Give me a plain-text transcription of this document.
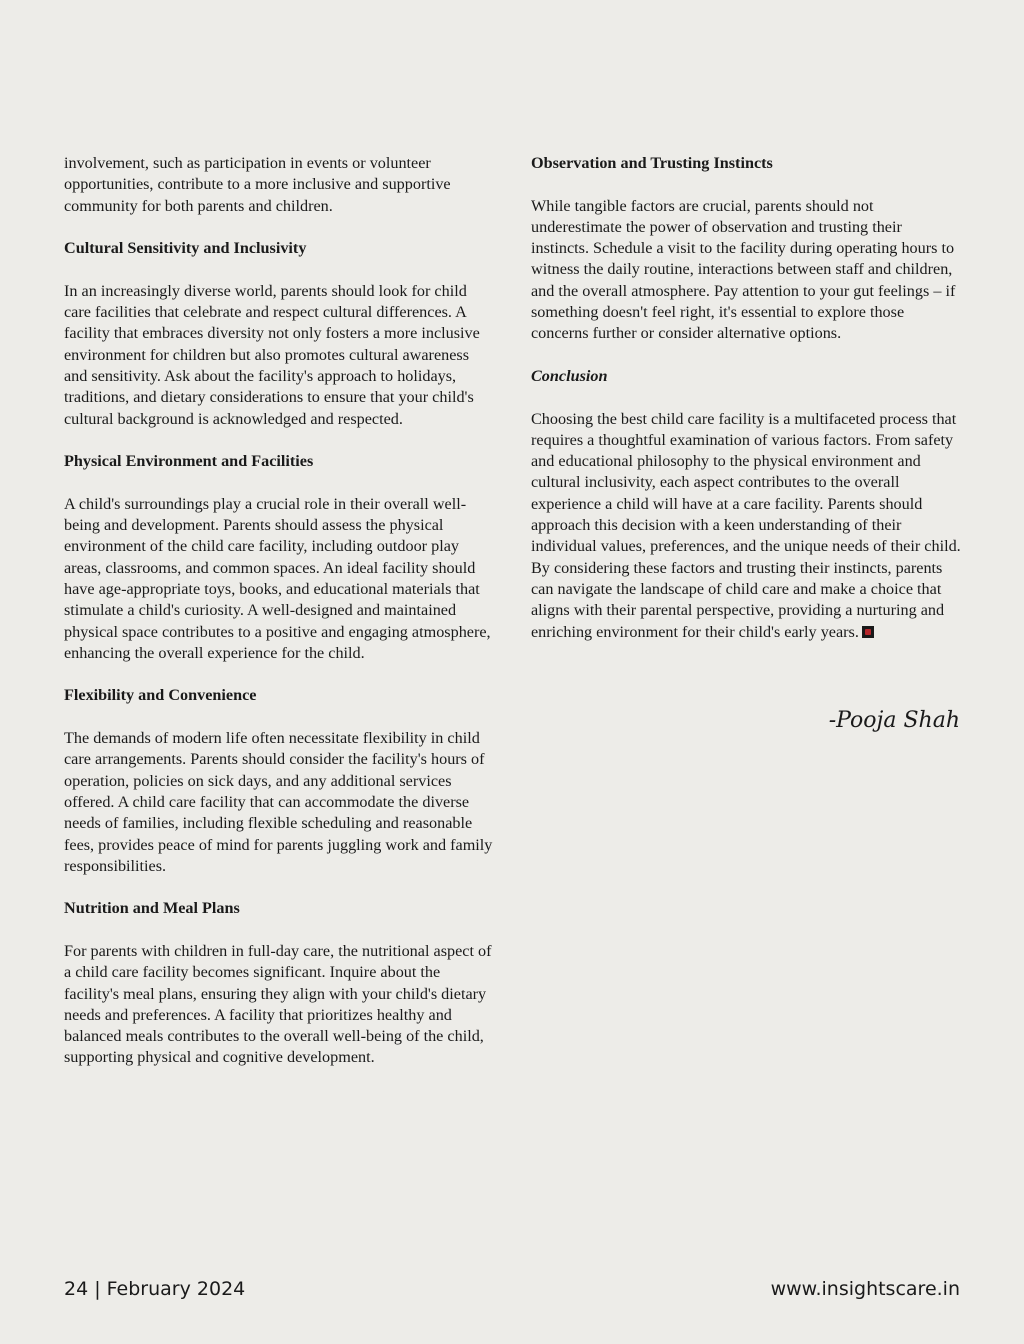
involvement, such as participation in events or volunteer opportunities, contribute to a more inclusive and supportive community for both parents and children.

Cultural Sensitivity and Inclusivity

In an increasingly diverse world, parents should look for child care facilities that celebrate and respect cultural differences. A facility that embraces diversity not only fosters a more inclusive environment for children but also promotes cultural awareness and sensitivity. Ask about the facility's approach to holidays, traditions, and dietary considerations to ensure that your child's cultural background is acknowledged and respected.

Physical Environment and Facilities

A child's surroundings play a crucial role in their overall well-being and development. Parents should assess the physical environment of the child care facility, including outdoor play areas, classrooms, and common spaces. An ideal facility should have age-appropriate toys, books, and educational materials that stimulate a child's curiosity. A well-designed and maintained physical space contributes to a positive and engaging atmosphere, enhancing the overall experience for the child.

Flexibility and Convenience

The demands of modern life often necessitate flexibility in child care arrangements. Parents should consider the facility's hours of operation, policies on sick days, and any additional services offered. A child care facility that can accommodate the diverse needs of families, including flexible scheduling and reasonable fees, provides peace of mind for parents juggling work and family responsibilities.

Nutrition and Meal Plans

For parents with children in full-day care, the nutritional aspect of a child care facility becomes significant. Inquire about the facility's meal plans, ensuring they align with your child's dietary needs and preferences. A facility that prioritizes healthy and balanced meals contributes to the overall well-being of the child, supporting physical and cognitive development.

Observation and Trusting Instincts

While tangible factors are crucial, parents should not underestimate the power of observation and trusting their instincts. Schedule a visit to the facility during operating hours to witness the daily routine, interactions between staff and children, and the overall atmosphere. Pay attention to your gut feelings – if something doesn't feel right, it's essential to explore those concerns further or consider alternative options.

Conclusion

Choosing the best child care facility is a multifaceted process that requires a thoughtful examination of various factors. From safety and educational philosophy to the physical environment and cultural inclusivity, each aspect contributes to the overall experience a child will have at a care facility. Parents should approach this decision with a keen understanding of their individual values, preferences, and the unique needs of their child. By considering these factors and trusting their instincts, parents can navigate the landscape of child care and make a choice that aligns with their parental perspective, providing a nurturing and enriching environment for their child's early years.

-Pooja Shah
24 | February 2024	www.insightscare.in
